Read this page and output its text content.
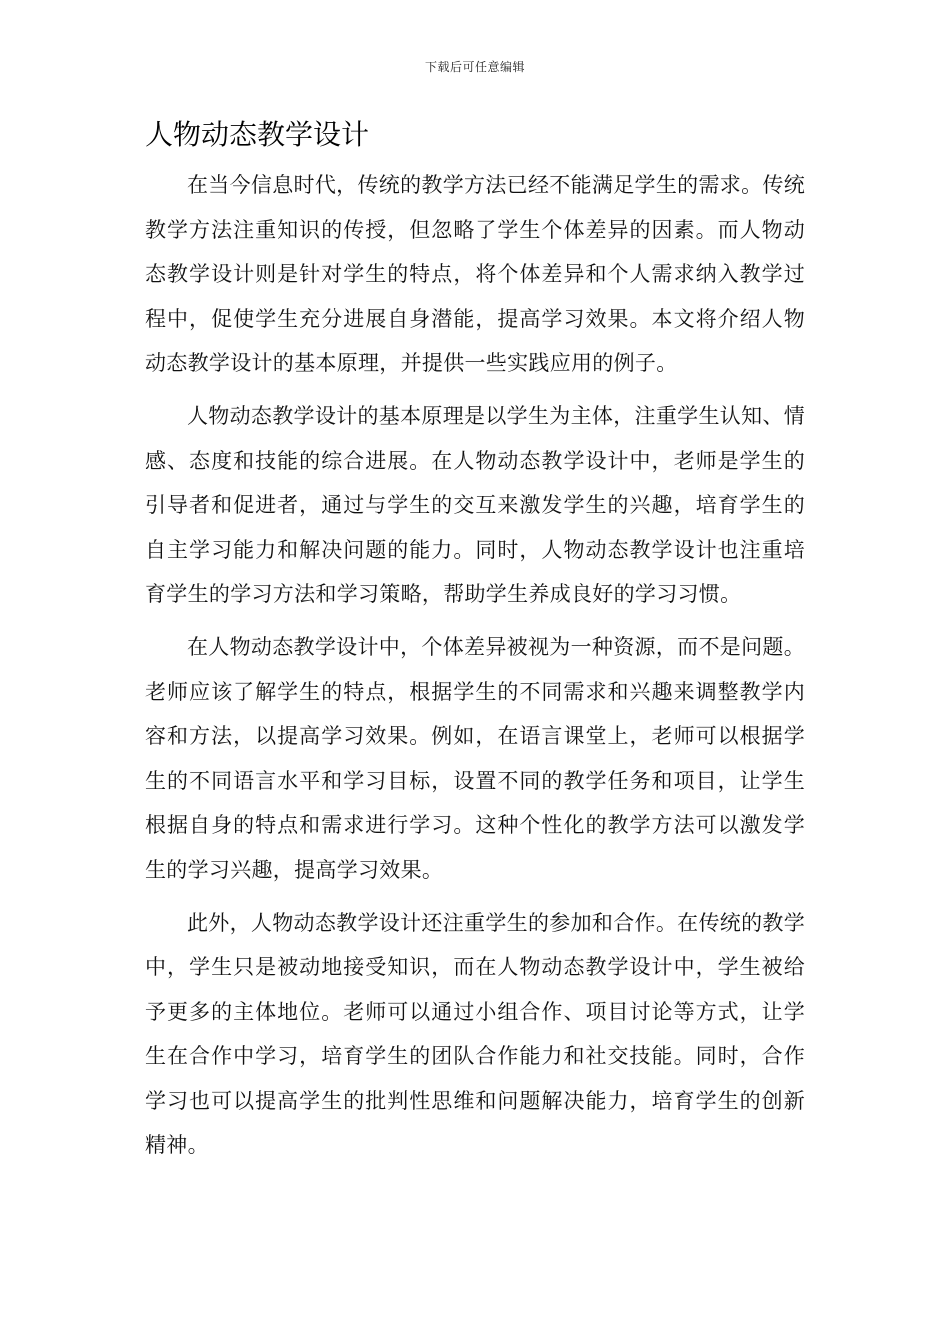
下载后可任意编辑
人物动态教学设计

在当今信息时代，传统的教学方法已经不能满足学生的需求。传统教学方法注重知识的传授，但忽略了学生个体差异的因素。而人物动态教学设计则是针对学生的特点，将个体差异和个人需求纳入教学过程中，促使学生充分进展自身潜能，提高学习效果。本文将介绍人物动态教学设计的基本原理，并提供一些实践应用的例子。

人物动态教学设计的基本原理是以学生为主体，注重学生认知、情感、态度和技能的综合进展。在人物动态教学设计中，老师是学生的引导者和促进者，通过与学生的交互来激发学生的兴趣，培育学生的自主学习能力和解决问题的能力。同时，人物动态教学设计也注重培育学生的学习方法和学习策略，帮助学生养成良好的学习习惯。

在人物动态教学设计中，个体差异被视为一种资源，而不是问题。老师应该了解学生的特点，根据学生的不同需求和兴趣来调整教学内容和方法，以提高学习效果。例如，在语言课堂上，老师可以根据学生的不同语言水平和学习目标，设置不同的教学任务和项目，让学生根据自身的特点和需求进行学习。这种个性化的教学方法可以激发学生的学习兴趣，提高学习效果。

此外，人物动态教学设计还注重学生的参加和合作。在传统的教学中，学生只是被动地接受知识，而在人物动态教学设计中，学生被给予更多的主体地位。老师可以通过小组合作、项目讨论等方式，让学生在合作中学习，培育学生的团队合作能力和社交技能。同时，合作学习也可以提高学生的批判性思维和问题解决能力，培育学生的创新精神。
